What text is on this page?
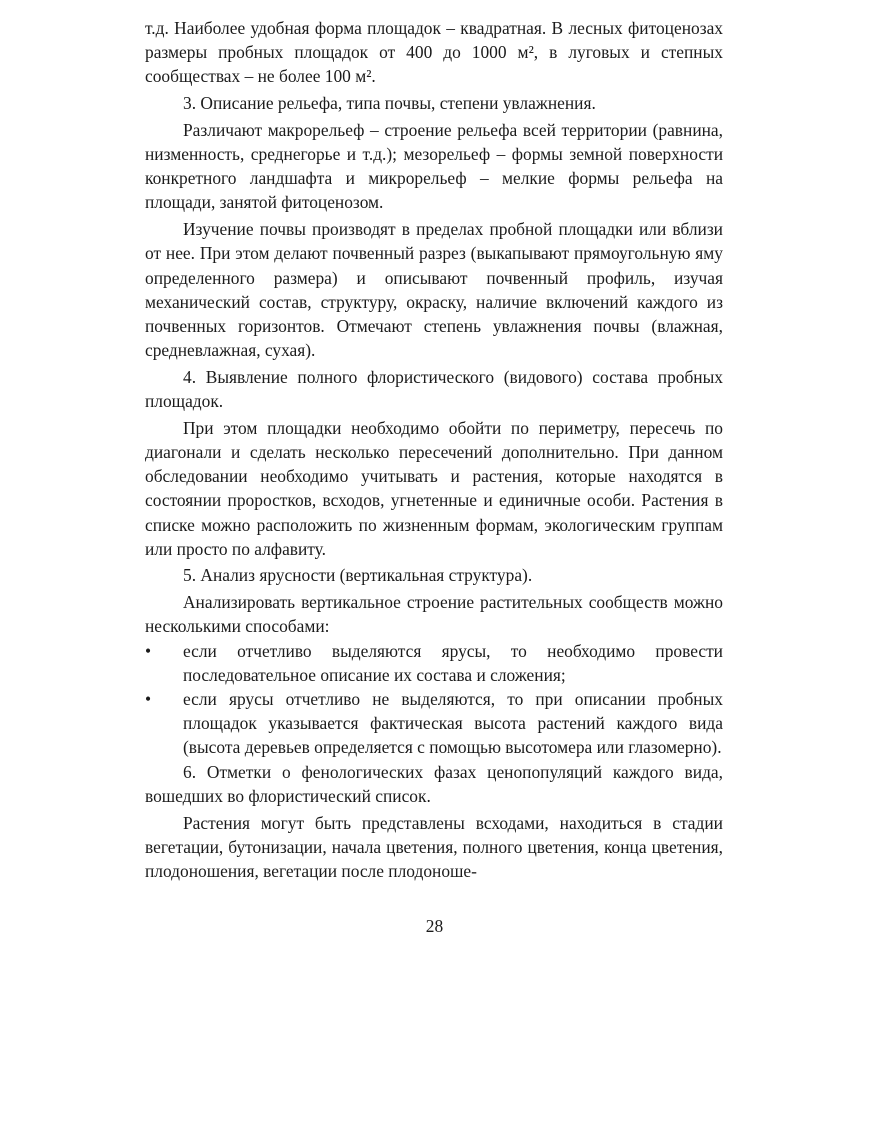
т.д. Наиболее удобная форма площадок – квадратная. В лесных фитоценозах размеры пробных площадок от 400 до 1000 м², в луговых и степных сообществах – не более 100 м².

3. Описание рельефа, типа почвы, степени увлажнения.

Различают макрорельеф – строение рельефа всей территории (равнина, низменность, среднегорье и т.д.); мезорельеф – формы земной поверхности конкретного ландшафта и микрорельеф – мелкие формы рельефа на площади, занятой фитоценозом.

Изучение почвы производят в пределах пробной площадки или вблизи от нее. При этом делают почвенный разрез (выкапывают прямоугольную яму определенного размера) и описывают почвенный профиль, изучая механический состав, структуру, окраску, наличие включений каждого из почвенных горизонтов. Отмечают степень увлажнения почвы (влажная, средневлажная, сухая).

4. Выявление полного флористического (видового) состава пробных площадок.

При этом площадки необходимо обойти по периметру, пересечь по диагонали и сделать несколько пересечений дополнительно. При данном обследовании необходимо учитывать и растения, которые находятся в состоянии проростков, всходов, угнетенные и единичные особи. Растения в списке можно расположить по жизненным формам, экологическим группам или просто по алфавиту.

5. Анализ ярусности (вертикальная структура).

Анализировать вертикальное строение растительных сообществ можно несколькими способами:

•	если отчетливо выделяются ярусы, то необходимо провести последовательное описание их состава и сложения;
•	если ярусы отчетливо не выделяются, то при описании пробных площадок указывается фактическая высота растений каждого вида (высота деревьев определяется с помощью высотомера или глазомерно).

6. Отметки о фенологических фазах ценопопуляций каждого вида, вошедших во флористический список.

Растения могут быть представлены всходами, находиться в стадии вегетации, бутонизации, начала цветения, полного цветения, конца цветения, плодоношения, вегетации после плодоноше-

28
